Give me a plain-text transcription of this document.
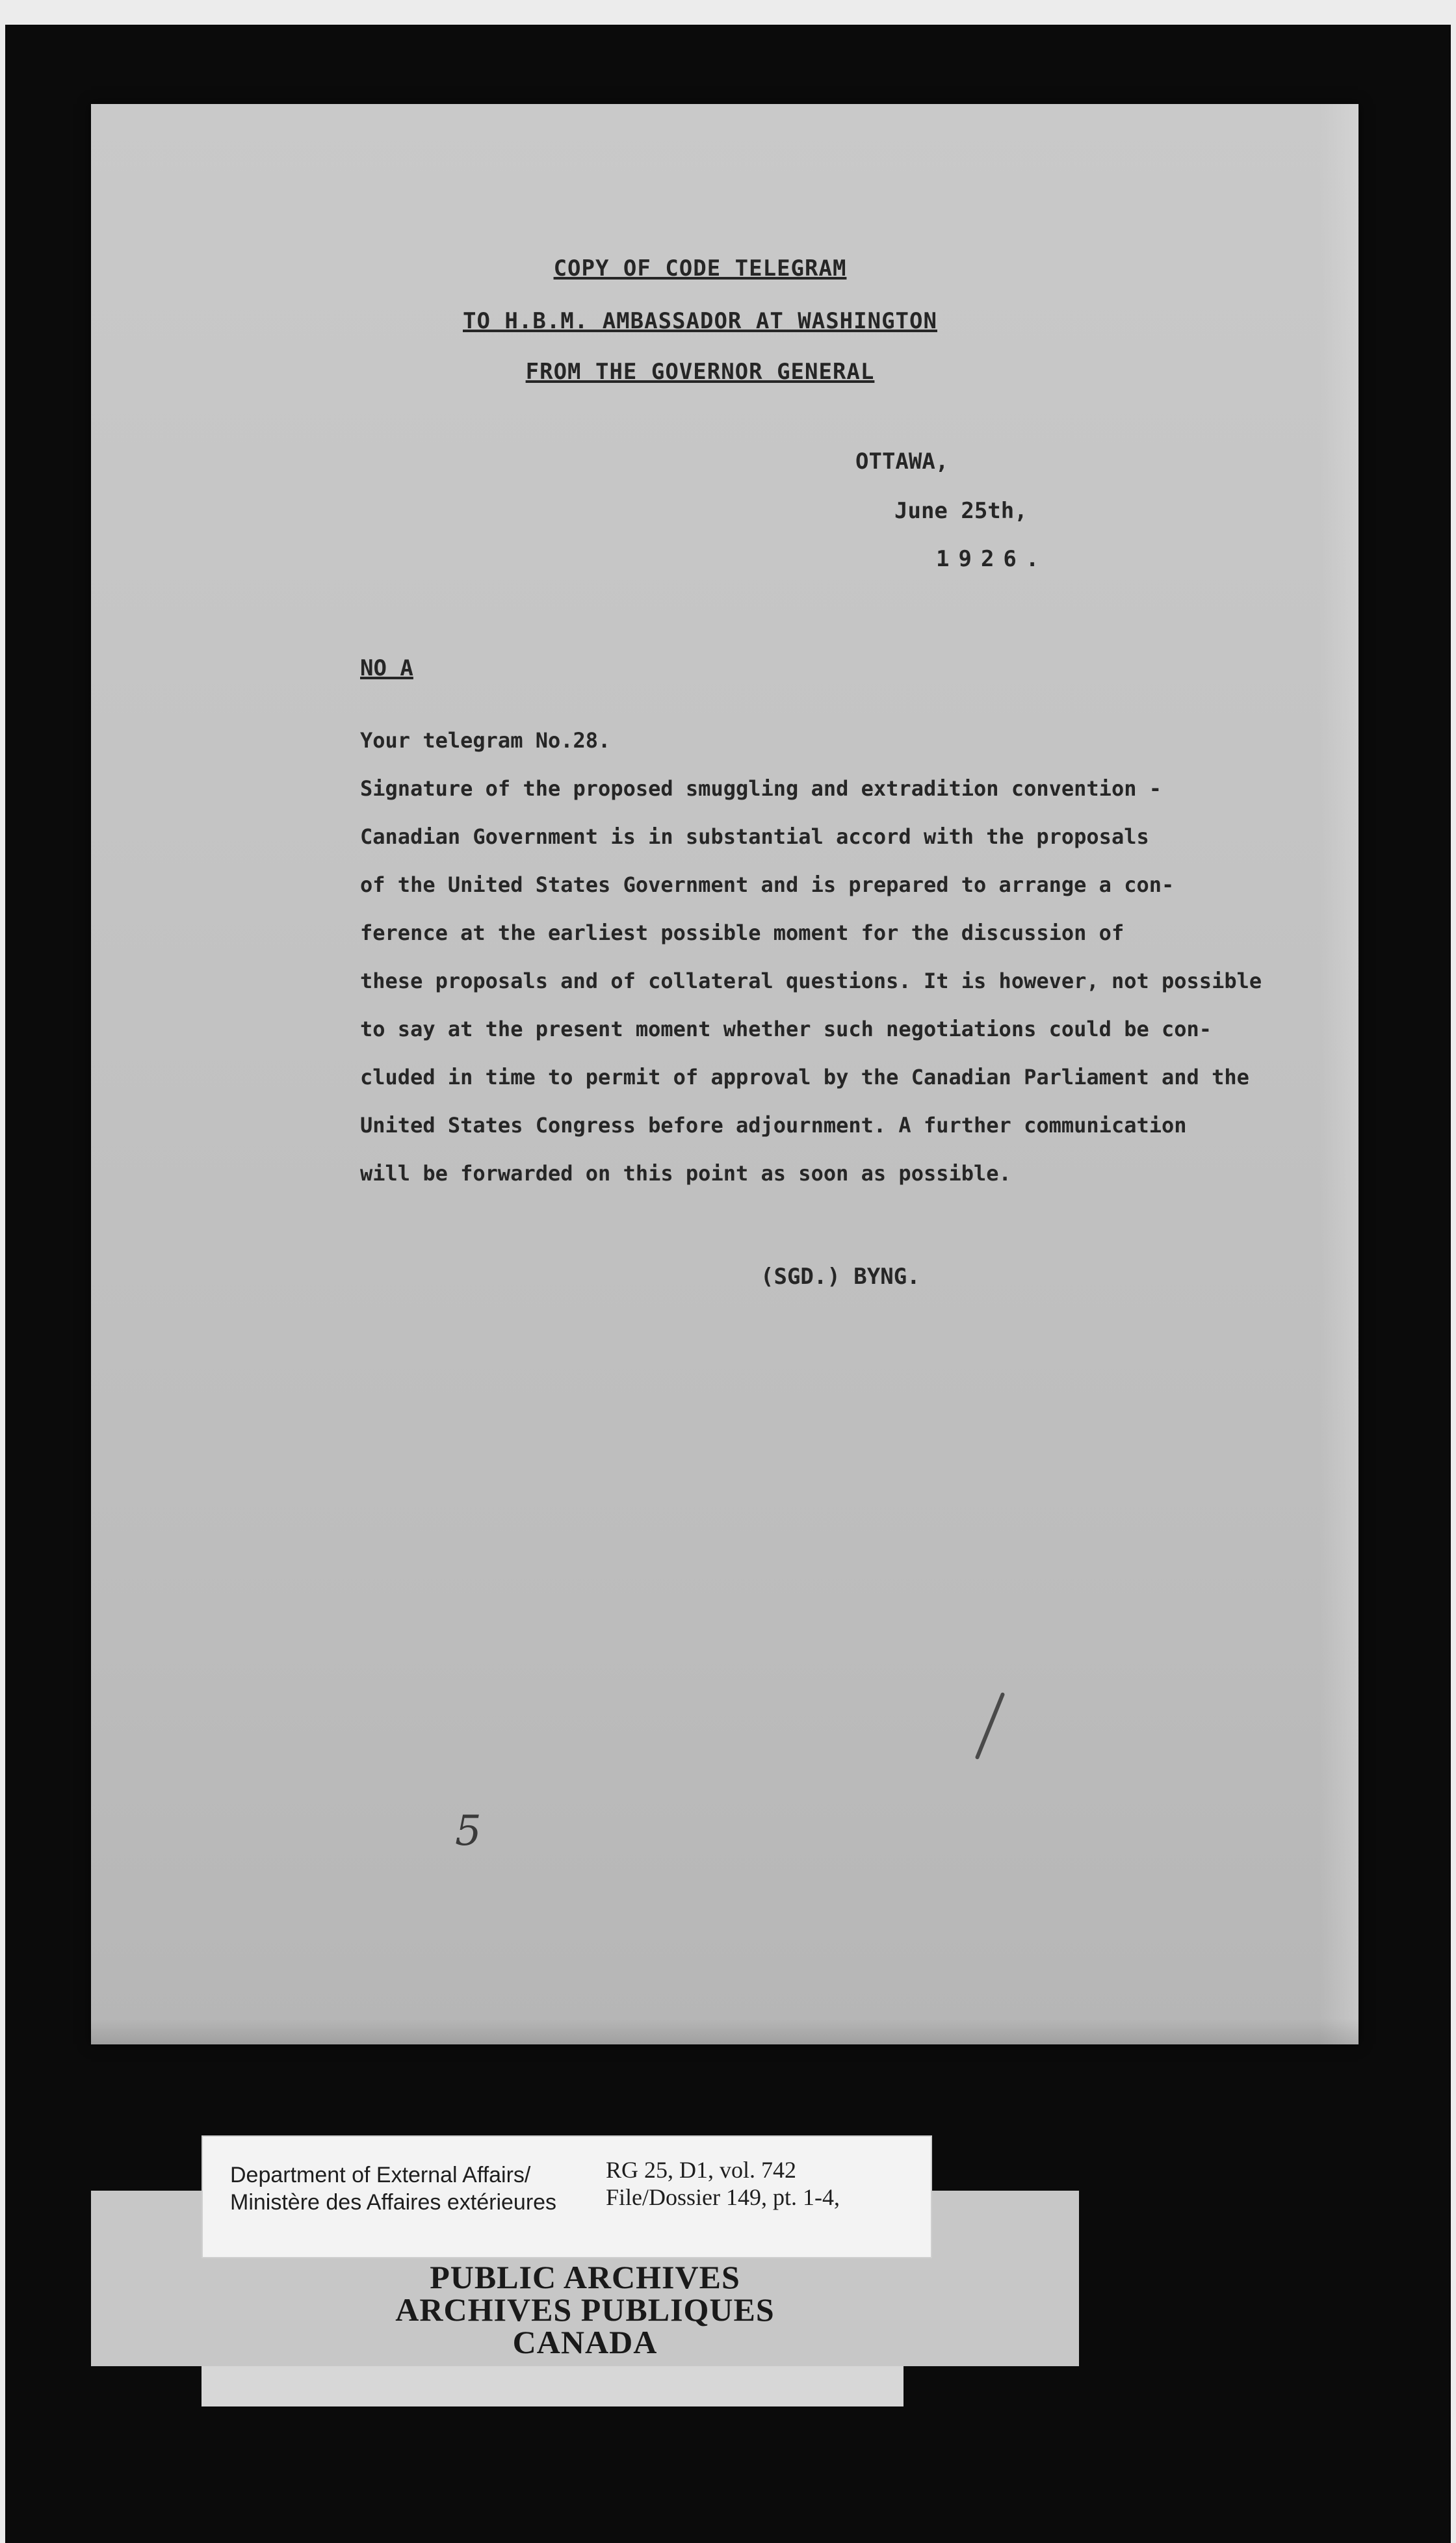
COPY OF CODE TELEGRAM
TO H.B.M. AMBASSADOR AT WASHINGTON
FROM THE GOVERNOR GENERAL
OTTAWA,
June 25th,
1926.
NO A

Your telegram No.28.
Signature of the proposed smuggling and extradition convention -
Canadian Government is in substantial accord with the proposals
of the United States Government and is prepared to arrange a con-
ference at the earliest possible moment for the discussion of
these proposals and of collateral questions. It is however, not possible
to say at the present moment whether such negotiations could be con-
cluded in time to permit of approval by the Canadian Parliament and the
United States Congress before adjournment. A further communication
will be forwarded on this point as soon as possible.

(SGD.) BYNG.
5

Department of External Affairs/
Ministère des Affaires extérieures

RG 25, D1, vol. 742
File/Dossier 149, pt. 1-4,

PUBLIC ARCHIVES
ARCHIVES PUBLIQUES
CANADA
